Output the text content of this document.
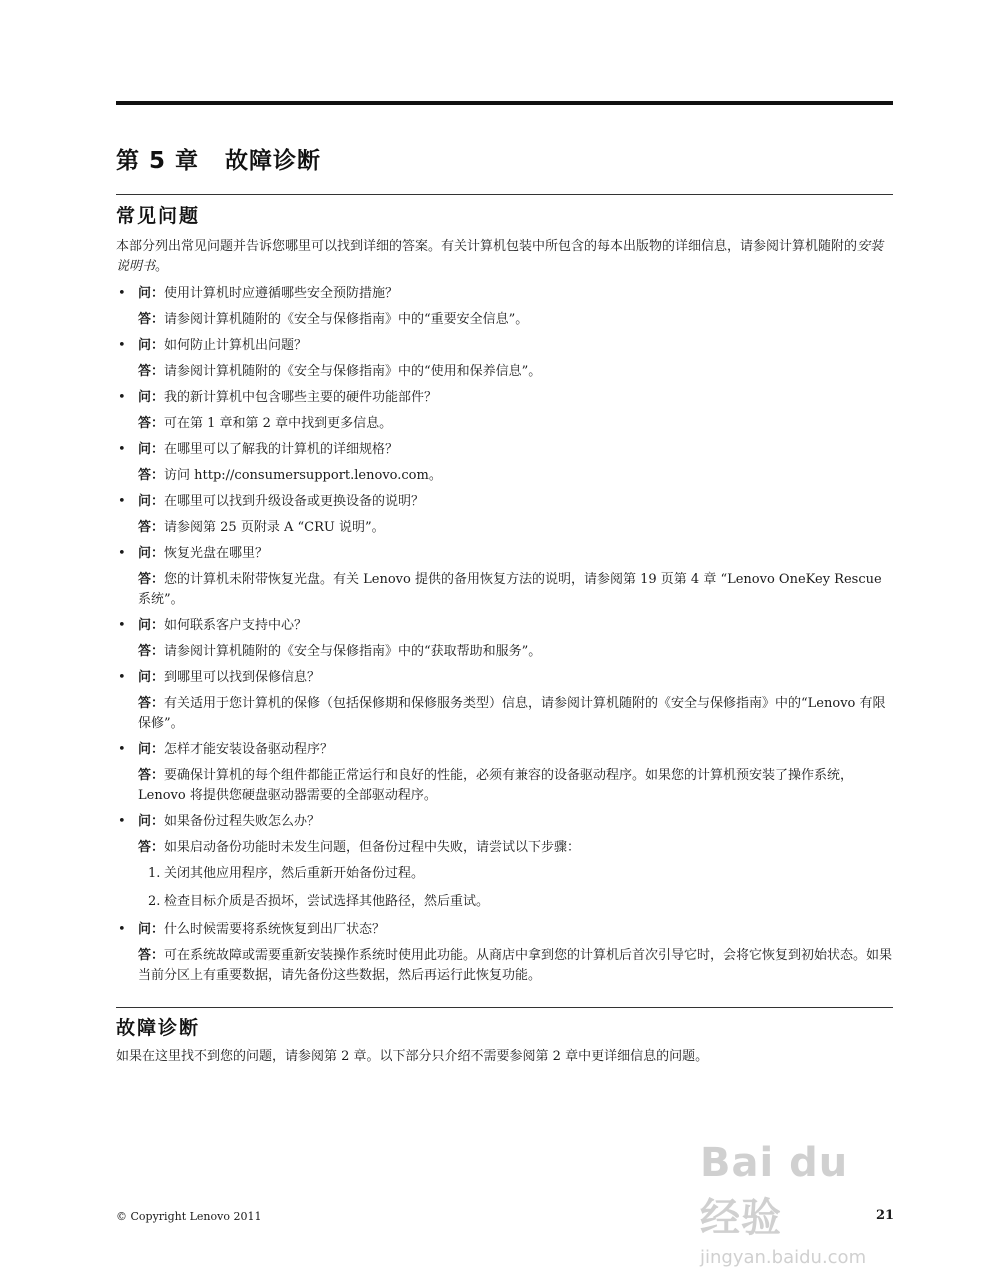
第 5 章 故障诊断
常见问题

本部分列出常见问题并告诉您哪里可以找到详细的答案。有关计算机包装中所包含的每本出版物的详细信息，请参阅计算机随附的安装说明书。

• 问：使用计算机时应遵循哪些安全预防措施？
答：请参阅计算机随附的《安全与保修指南》中的“重要安全信息”。
• 问：如何防止计算机出问题？
答：请参阅计算机随附的《安全与保修指南》中的“使用和保养信息”。
• 问：我的新计算机中包含哪些主要的硬件功能部件？
答：可在第 1 章和第 2 章中找到更多信息。
• 问：在哪里可以了解我的计算机的详细规格？
答：访问 http://consumersupport.lenovo.com。
• 问：在哪里可以找到升级设备或更换设备的说明？
答：请参阅第 25 页附录 A “CRU 说明”。
• 问：恢复光盘在哪里？
答：您的计算机未附带恢复光盘。有关 Lenovo 提供的备用恢复方法的说明，请参阅第 19 页第 4 章 “Lenovo OneKey Rescue 系统”。
• 问：如何联系客户支持中心？
答：请参阅计算机随附的《安全与保修指南》中的“获取帮助和服务”。
• 问：到哪里可以找到保修信息？
答：有关适用于您计算机的保修（包括保修期和保修服务类型）信息，请参阅计算机随附的《安全与保修指南》中的“Lenovo 有限保修”。
• 问：怎样才能安装设备驱动程序？
答：要确保计算机的每个组件都能正常运行和良好的性能，必须有兼容的设备驱动程序。如果您的计算机预安装了操作系统，Lenovo 将提供您硬盘驱动器需要的全部驱动程序。
• 问：如果备份过程失败怎么办？
答：如果启动备份功能时未发生问题，但备份过程中失败，请尝试以下步骤：
1. 关闭其他应用程序，然后重新开始备份过程。
2. 检查目标介质是否损坏，尝试选择其他路径，然后重试。
• 问：什么时候需要将系统恢复到出厂状态？
答：可在系统故障或需要重新安装操作系统时使用此功能。从商店中拿到您的计算机后首次引导它时，会将它恢复到初始状态。如果当前分区上有重要数据，请先备份这些数据，然后再运行此恢复功能。
故障诊断

如果在这里找不到您的问题，请参阅第 2 章。以下部分只介绍不需要参阅第 2 章中更详细信息的问题。

Bai du 经验
jingyan.baidu.com
© Copyright Lenovo 2011	21
